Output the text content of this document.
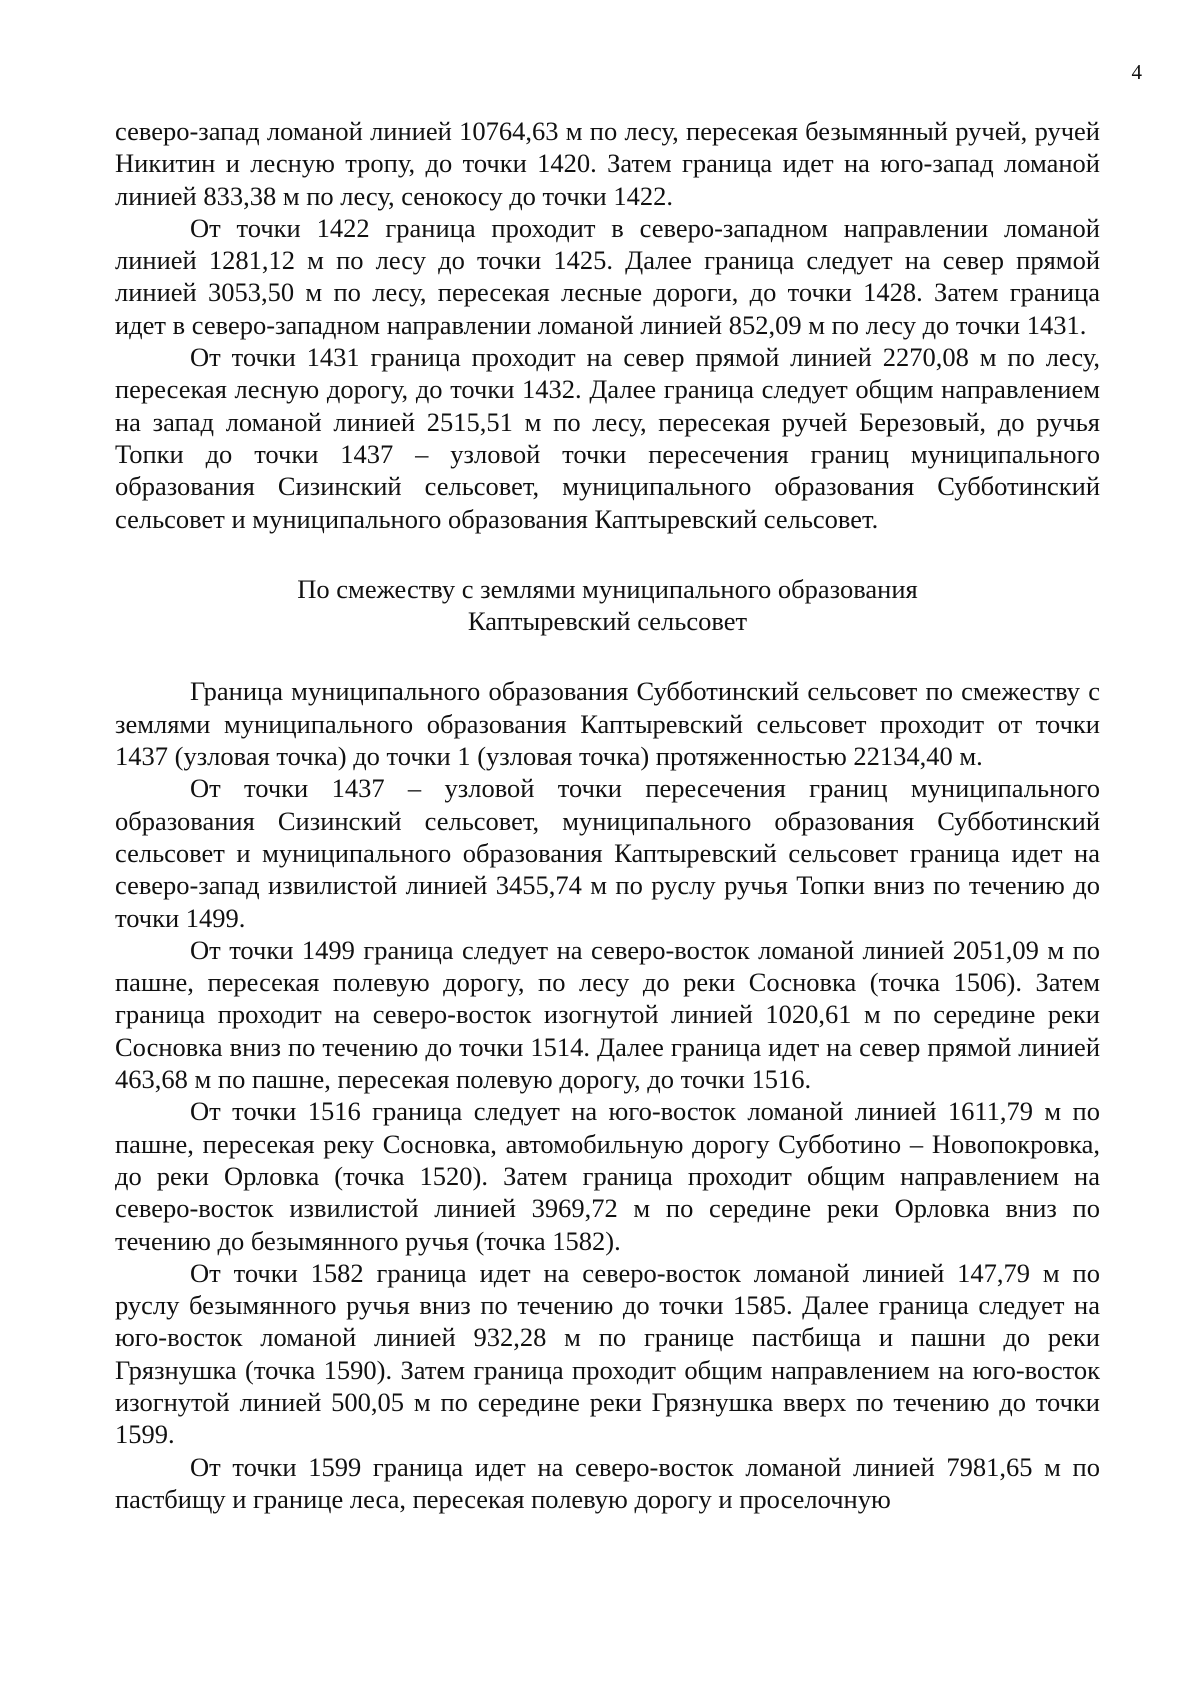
4

северо-запад ломаной линией 10764,63 м по лесу, пересекая безымянный ручей, ручей Никитин и лесную тропу, до точки 1420. Затем граница идет на юго-запад ломаной линией 833,38 м по лесу, сенокосу до точки 1422.

От точки 1422 граница проходит в северо-западном направлении ломаной линией 1281,12 м по лесу до точки 1425. Далее граница следует на север прямой линией 3053,50 м по лесу, пересекая лесные дороги, до точки 1428. Затем граница идет в северо-западном направлении ломаной линией 852,09 м по лесу до точки 1431.

От точки 1431 граница проходит на север прямой линией 2270,08 м по лесу, пересекая лесную дорогу, до точки 1432. Далее граница следует общим направлением на запад ломаной линией 2515,51 м по лесу, пересекая ручей Березовый, до ручья Топки до точки 1437 – узловой точки пересечения границ муниципального образования Сизинский сельсовет, муниципального образования Субботинский сельсовет и муниципального образования Каптыревский сельсовет.

По смежеству с землями муниципального образования
Каптыревский сельсовет

Граница муниципального образования Субботинский сельсовет по смежеству с землями муниципального образования Каптыревский сельсовет проходит от точки 1437 (узловая точка) до точки 1 (узловая точка) протяженностью 22134,40 м.

От точки 1437 – узловой точки пересечения границ муниципального образования Сизинский сельсовет, муниципального образования Субботинский сельсовет и муниципального образования Каптыревский сельсовет граница идет на северо-запад извилистой линией 3455,74 м по руслу ручья Топки вниз по течению до точки 1499.

От точки 1499 граница следует на северо-восток ломаной линией 2051,09 м по пашне, пересекая полевую дорогу, по лесу до реки Сосновка (точка 1506). Затем граница проходит на северо-восток изогнутой линией 1020,61 м по середине реки Сосновка вниз по течению до точки 1514. Далее граница идет на север прямой линией 463,68 м по пашне, пересекая полевую дорогу, до точки 1516.

От точки 1516 граница следует на юго-восток ломаной линией 1611,79 м по пашне, пересекая реку Сосновка, автомобильную дорогу Субботино – Новопокровка, до реки Орловка (точка 1520). Затем граница проходит общим направлением на северо-восток извилистой линией 3969,72 м по середине реки Орловка вниз по течению до безымянного ручья (точка 1582).

От точки 1582 граница идет на северо-восток ломаной линией 147,79 м по руслу безымянного ручья вниз по течению до точки 1585. Далее граница следует на юго-восток ломаной линией 932,28 м по границе пастбища и пашни до реки Грязнушка (точка 1590). Затем граница проходит общим направлением на юго-восток изогнутой линией 500,05 м по середине реки Грязнушка вверх по течению до точки 1599.

От точки 1599 граница идет на северо-восток ломаной линией 7981,65 м по пастбищу и границе леса, пересекая полевую дорогу и проселочную
